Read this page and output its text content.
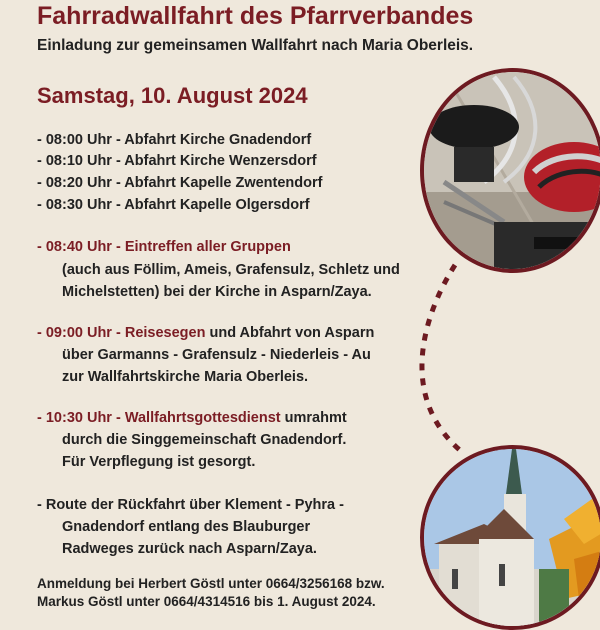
Fahrradwallfahrt des Pfarrverbandes
Einladung zur gemeinsamen Wallfahrt nach Maria Oberleis.
Samstag, 10. August 2024
- 08:00 Uhr - Abfahrt Kirche Gnadendorf
- 08:10 Uhr - Abfahrt Kirche Wenzersdorf
- 08:20 Uhr - Abfahrt Kapelle Zwentendorf
- 08:30 Uhr - Abfahrt Kapelle Olgersdorf
- 08:40 Uhr - Eintreffen aller Gruppen
(auch aus Föllim, Ameis, Grafensulz, Schletz und
Michelstetten) bei der Kirche in Asparn/Zaya.
- 09:00 Uhr - Reisesegen und Abfahrt von Asparn
über Garmanns - Grafensulz - Niederleis - Au
zur Wallfahrtskirche Maria Oberleis.
- 10:30 Uhr - Wallfahrtsgottesdienst umrahmt
durch die Singgemeinschaft Gnadendorf.
Für Verpflegung ist gesorgt.
- Route der Rückfahrt über Klement - Pyhra -
Gnadendorf entlang des Blauburger
Radweges zurück nach Asparn/Zaya.
Anmeldung bei Herbert Göstl unter 0664/3256168 bzw.
Markus Göstl unter 0664/4314516 bis 1. August 2024.
